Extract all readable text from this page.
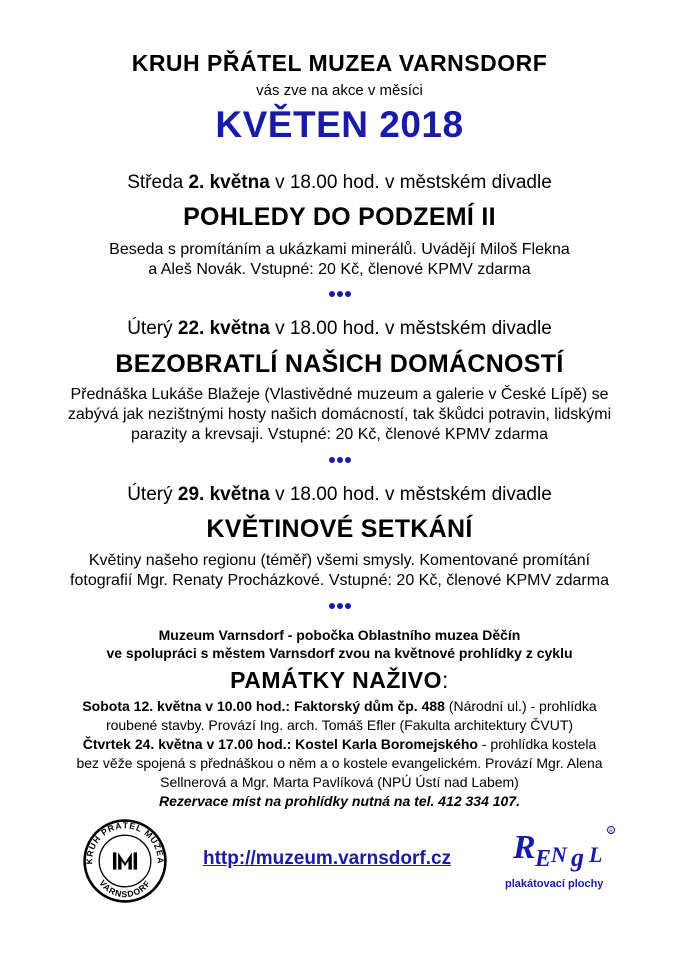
KRUH PŘÁTEL MUZEA VARNSDORF
vás zve na akce v měsíci
KVĚTEN 2018
Středa 2. května v 18.00 hod. v městském divadle
POHLEDY DO PODZEMÍ II
Beseda s promítáním a ukázkami minerálů. Uvádějí Miloš Flekna
a Aleš Novák. Vstupné: 20 Kč, členové KPMV zdarma
Úterý 22. května v 18.00 hod. v městském divadle
BEZOBRATLÍ NAŠICH DOMÁCNOSTÍ
Přednáška Lukáše Blažeje (Vlastivědné muzeum a galerie v České Lípě) se
zabývá jak nezištnými hosty našich domácností, tak škůdci potravin, lidskými
parazity a krevsaji. Vstupné: 20 Kč, členové KPMV zdarma
Úterý 29. května v 18.00 hod. v městském divadle
KVĚTINOVÉ SETKÁNÍ
Květiny našeho regionu (téměř) všemi smysly. Komentované promítání
fotografií Mgr. Renaty Procházkové. Vstupné: 20 Kč, členové KPMV zdarma
Muzeum Varnsdorf - pobočka Oblastního muzea Děčín
ve spolupráci s městem Varnsdorf zvou na květnové prohlídky z cyklu
PAMÁTKY NAŽIVO:
Sobota 12. května v 10.00 hod.: Faktorský dům čp. 488 (Národní ul.) - prohlídka
roubené stavby. Provází Ing. arch. Tomáš Efler (Fakulta architektury ČVUT)
Čtvrtek 24. května v 17.00 hod.: Kostel Karla Boromejského - prohlídka kostela
bez věže spojená s přednáškou o něm a o kostele evangelickém. Provází Mgr. Alena
Sellnerová a Mgr. Marta Pavlíková (NPÚ Ústí nad Labem)
Rezervace míst na prohlídky nutná na tel. 412 334 107.
KRUH PŘÁTEL MUZEA
VARNSDORF
http://muzeum.varnsdorf.cz R E N g L
R
plakátovací plochy
